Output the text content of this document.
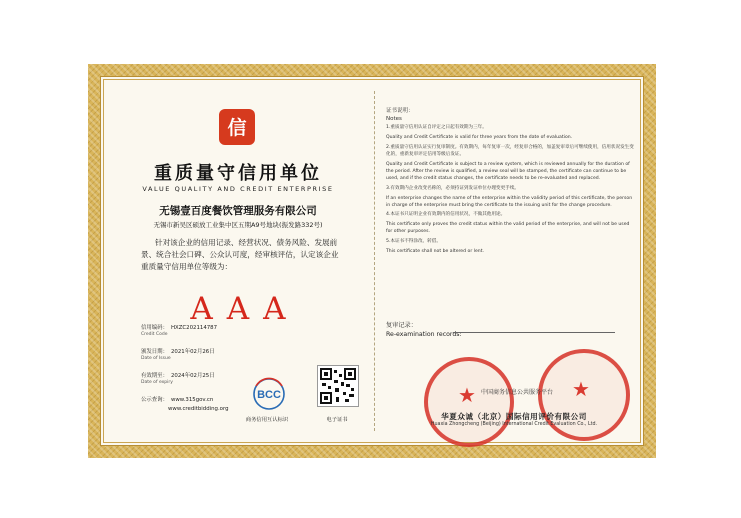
信
重质量守信用单位
VALUE QUALITY AND CREDIT ENTERPRISE
无锡壹百度餐饮管理服务有限公司
无锡市新吴区硕放工业集中区五期A9号地块(振发路332号)
针对该企业的信用记录、经营状况、债务风险、发展前景、统合社会口碑、公众认可度，经审核评估，认定该企业重质量守信用单位等级为：
AAA
信用编码： HXZC202114787
Credit Code
颁发日期： 2021年02月26日
Date of Issue
有效期至： 2024年02月25日
Date of expiry
公示查询： www.315gov.cn
www.creditbidding.org
BCC
商务信用互认标识	电子证书
证书说明：
Notes

1.重质量守信用认证自评定之日起有效期为三年。

Quality and Credit Certificate is valid for three years from the date of evaluation.

2.重质量守信用认证实行复审制度。有效期内，每年复审一次，经复审合格的，加盖复审章后可继续使用，信用状况发生变化的，重新复审评定信用等级后发证。

Quality and Credit Certificate is subject to a review system, which is reviewed annually for the duration of the period. After the review is qualified, a review seal will be stamped, the certificate can continue to be used, and if the credit status changes, the certificate needs to be re-evaluated and replaced.

3.有效期内企业改变名称的，必须持证到发证单位办理变更手续。

If an enterprise changes the name of the enterprise within the validity period of this certificate, the person in charge of the enterprise must bring the certificate to the issuing unit for the change procedure.

4.本证书只证明企业有效期内的信用状况，不做其他用途。

This certificate only proves the credit status within the valid period of the enterprise, and will not be used for other purposes.

5.本证书不得涂改、转借。

This certificate shall not be altered or lent.

复审记录：
Re-examination records:
★	★
中国商务信息公共服务平台
华夏众诚（北京）国际信用评价有限公司
Huaxia Zhongcheng (Beijing) International Credit Evaluation Co., Ltd.
